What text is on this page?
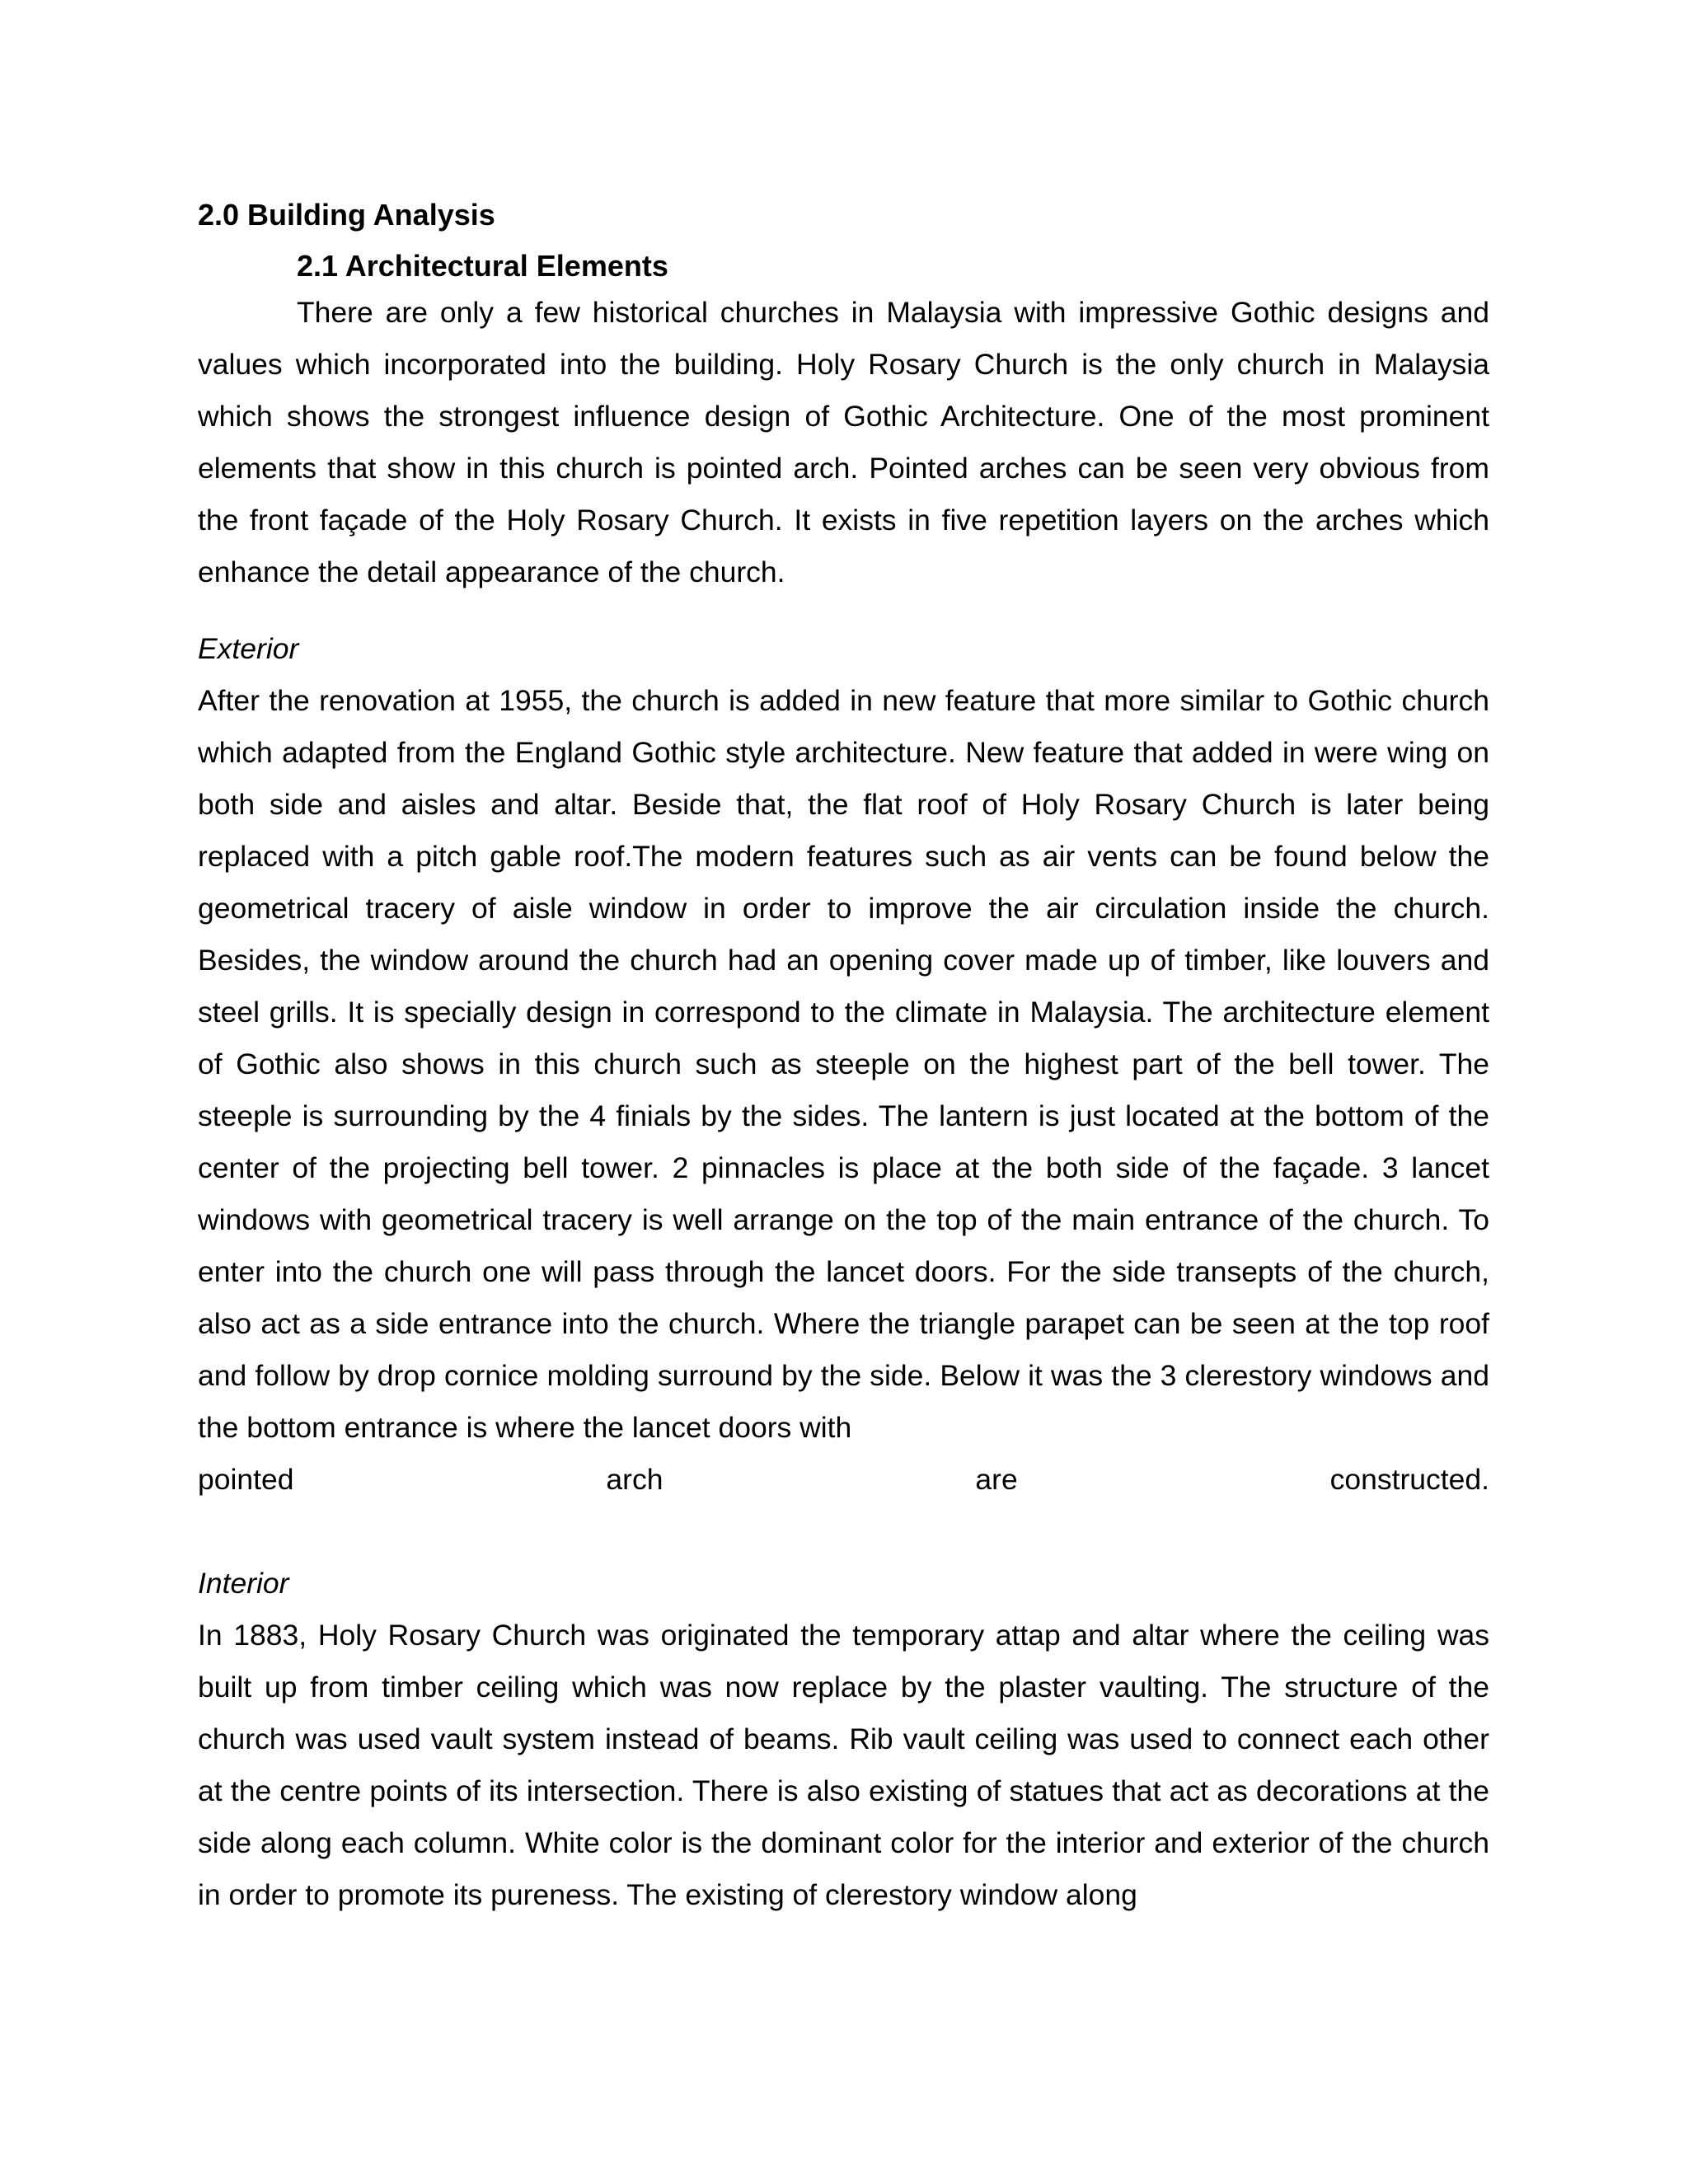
2.0 Building Analysis
2.1 Architectural Elements

There are only a few historical churches in Malaysia with impressive Gothic designs and values which incorporated into the building. Holy Rosary Church is the only church in Malaysia which shows the strongest influence design of Gothic Architecture. One of the most prominent elements that show in this church is pointed arch. Pointed arches can be seen very obvious from the front façade of the Holy Rosary Church. It exists in five repetition layers on the arches which enhance the detail appearance of the church.

Exterior

After the renovation at 1955, the church is added in new feature that more similar to Gothic church which adapted from the England Gothic style architecture. New feature that added in were wing on both side and aisles and altar. Beside that, the flat roof of Holy Rosary Church is later being replaced with a pitch gable roof.The modern features such as air vents can be found below the geometrical tracery of aisle window in order to improve the air circulation inside the church. Besides, the window around the church had an opening cover made up of timber, like louvers and steel grills. It is specially design in correspond to the climate in Malaysia. The architecture element of Gothic also shows in this church such as steeple on the highest part of the bell tower. The steeple is surrounding by the 4 finials by the sides. The lantern is just located at the bottom of the center of the projecting bell tower. 2 pinnacles is place at the both side of the façade. 3 lancet windows with geometrical tracery is well arrange on the top of the main entrance of the church. To enter into the church one will pass through the lancet doors. For the side transepts of the church, also act as a side entrance into the church. Where the triangle parapet can be seen at the top roof and follow by drop cornice molding surround by the side. Below it was the 3 clerestory windows and the bottom entrance is where the lancet doors with

pointed	arch	are	constructed.
Interior

In 1883, Holy Rosary Church was originated the temporary attap and altar where the ceiling was built up from timber ceiling which was now replace by the plaster vaulting. The structure of the church was used vault system instead of beams. Rib vault ceiling was used to connect each other at the centre points of its intersection. There is also existing of statues that act as decorations at the side along each column. White color is the dominant color for the interior and exterior of the church in order to promote its pureness. The existing of clerestory window along
